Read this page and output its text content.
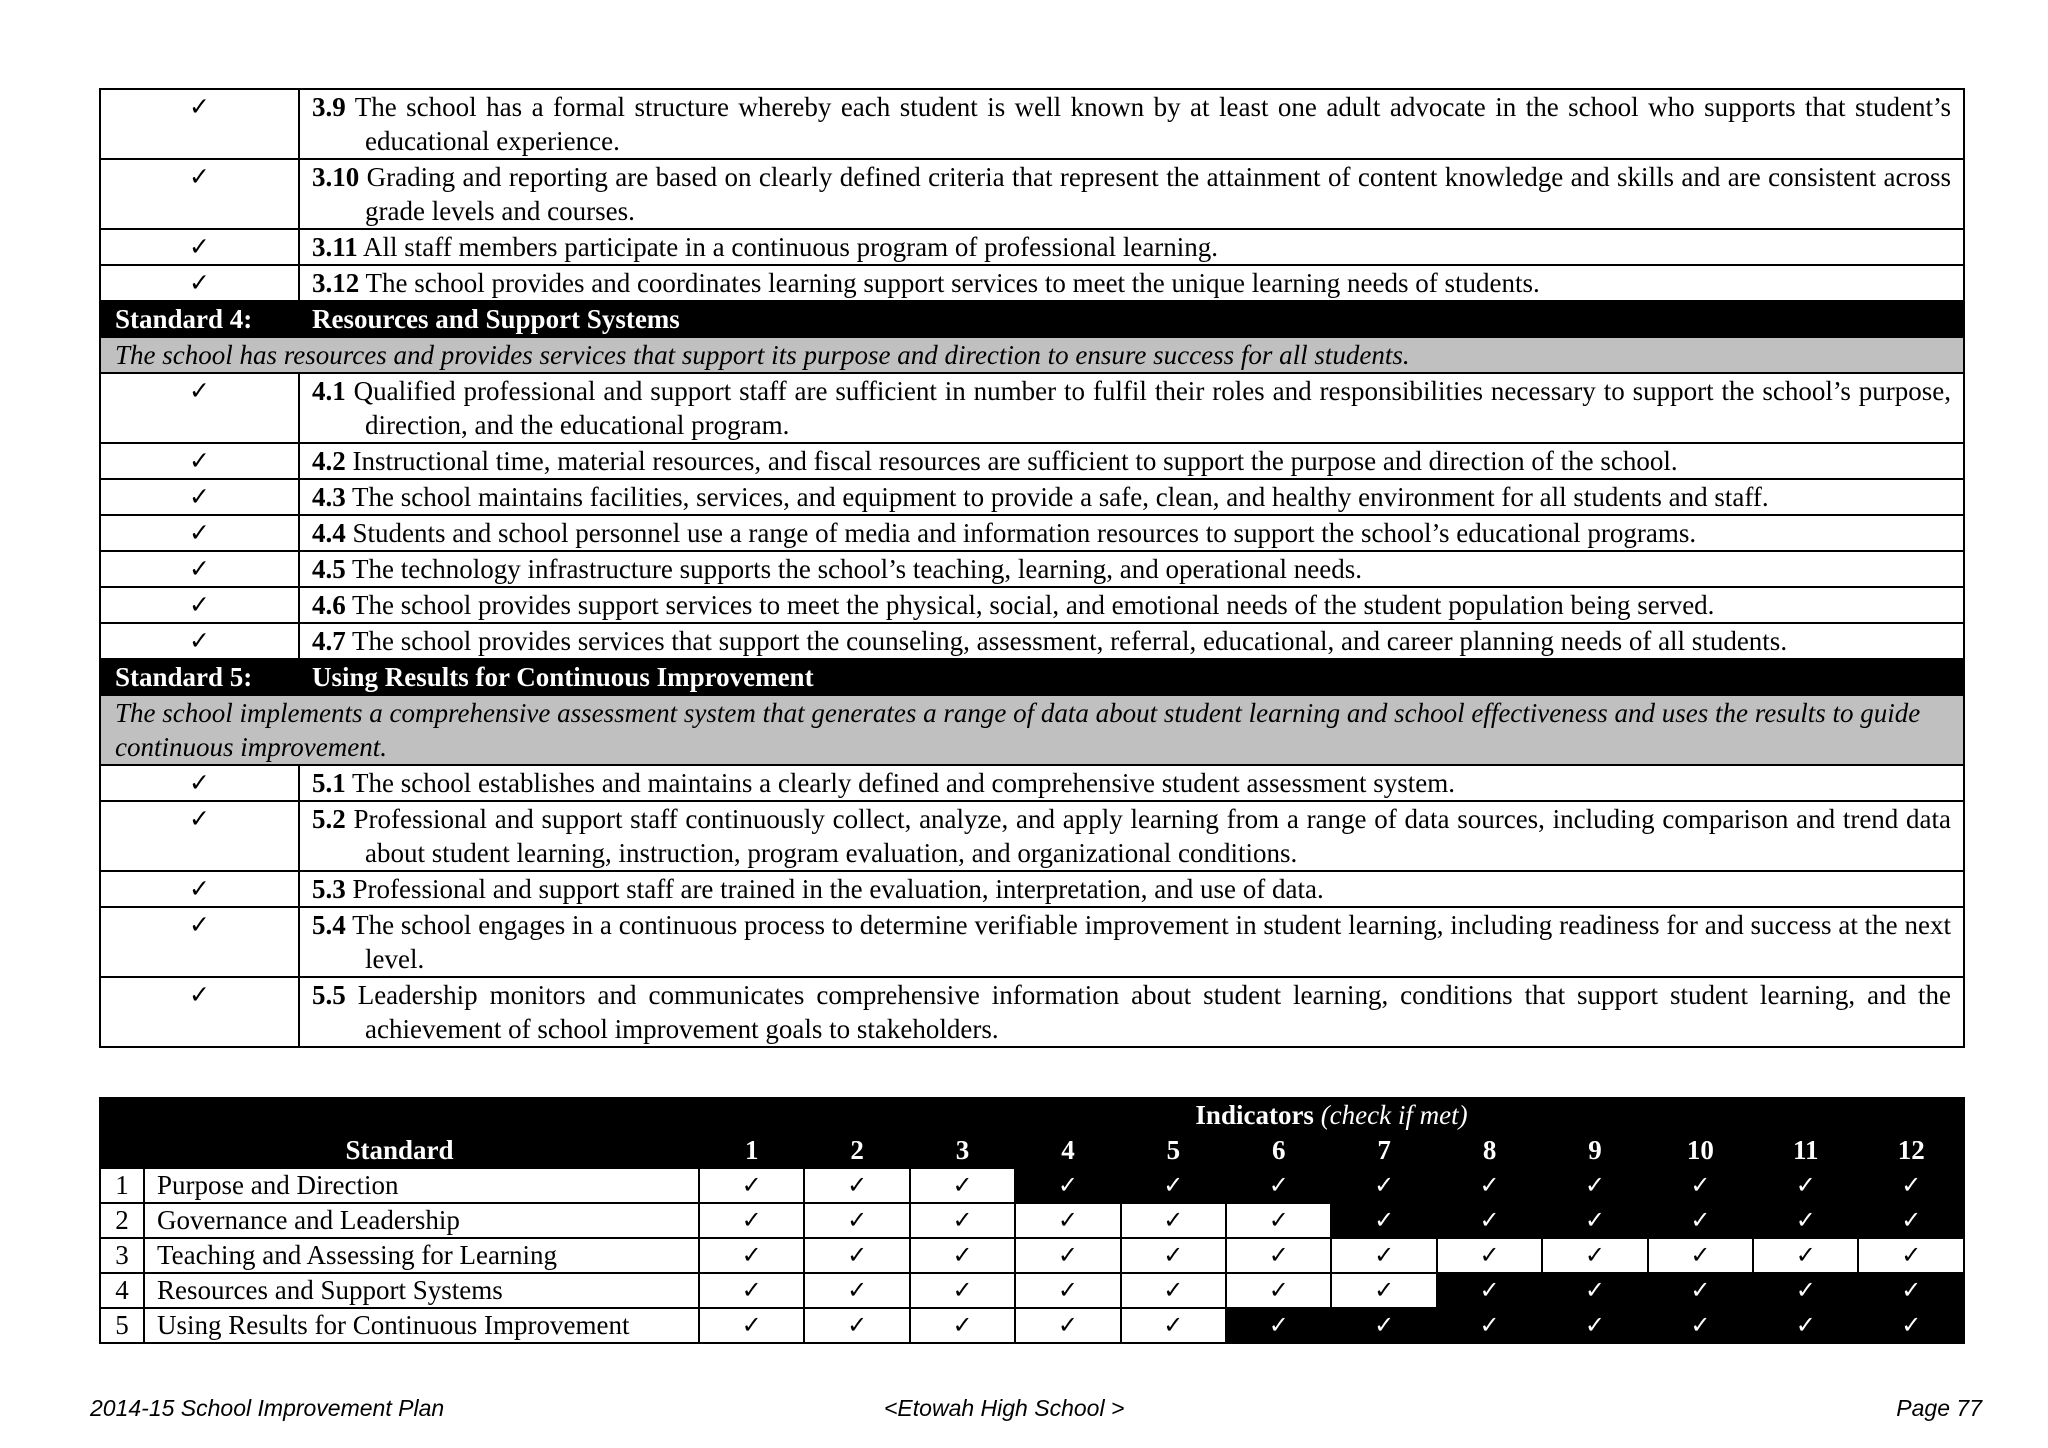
✓	3.9 The school has a formal structure whereby each student is well known by at least one adult advocate in the school who supports that student’s educational experience.

✓	3.10 Grading and reporting are based on clearly defined criteria that represent the attainment of content knowledge and skills and are consistent across grade levels and courses.

✓	3.11 All staff members participate in a continuous program of professional learning.

✓	3.12 The school provides and coordinates learning support services to meet the unique learning needs of students.

Standard 4:	Resources and Support Systems
The school has resources and provides services that support its purpose and direction to ensure success for all students.	
✓	4.1 Qualified professional and support staff are sufficient in number to fulfil their roles and responsibilities necessary to support the school’s purpose, direction, and the educational program.

✓	4.2 Instructional time, material resources, and fiscal resources are sufficient to support the purpose and direction of the school.

✓	4.3 The school maintains facilities, services, and equipment to provide a safe, clean, and healthy environment for all students and staff.

✓	4.4 Students and school personnel use a range of media and information resources to support the school’s educational programs.

✓	4.5 The technology infrastructure supports the school’s teaching, learning, and operational needs.

✓	4.6 The school provides support services to meet the physical, social, and emotional needs of the student population being served.

✓	4.7 The school provides services that support the counseling, assessment, referral, educational, and career planning needs of all students.

Standard 5:	Using Results for Continuous Improvement
The school implements a comprehensive assessment system that generates a range of data about student learning and school effectiveness and uses the results to guide continuous improvement.	
✓	5.1 The school establishes and maintains a clearly defined and comprehensive student assessment system.

✓	5.2 Professional and support staff continuously collect, analyze, and apply learning from a range of data sources, including comparison and trend data about student learning, instruction, program evaluation, and organizational conditions.

✓	5.3 Professional and support staff are trained in the evaluation, interpretation, and use of data.

✓	5.4 The school engages in a continuous process to determine verifiable improvement in student learning, including readiness for and success at the next level.

✓	5.5 Leadership monitors and communicates comprehensive information about student learning, conditions that support student learning, and the achievement of school improvement goals to stakeholders.
Standard		Indicators (check if met)											
		1	2	3	4	5	6	7	8	9	10	11	12
1	Purpose and Direction	✓	✓	✓	✓	✓	✓	✓	✓	✓	✓	✓	✓
2	Governance and Leadership	✓	✓	✓	✓	✓	✓	✓	✓	✓	✓	✓	✓
3	Teaching and Assessing for Learning	✓	✓	✓	✓	✓	✓	✓	✓	✓	✓	✓	✓
4	Resources and Support Systems	✓	✓	✓	✓	✓	✓	✓	✓	✓	✓	✓	✓
5	Using Results for Continuous Improvement	✓	✓	✓	✓	✓	✓	✓	✓	✓	✓	✓	✓
2014-15 School Improvement Plan	<Etowah High School >	Page 77
